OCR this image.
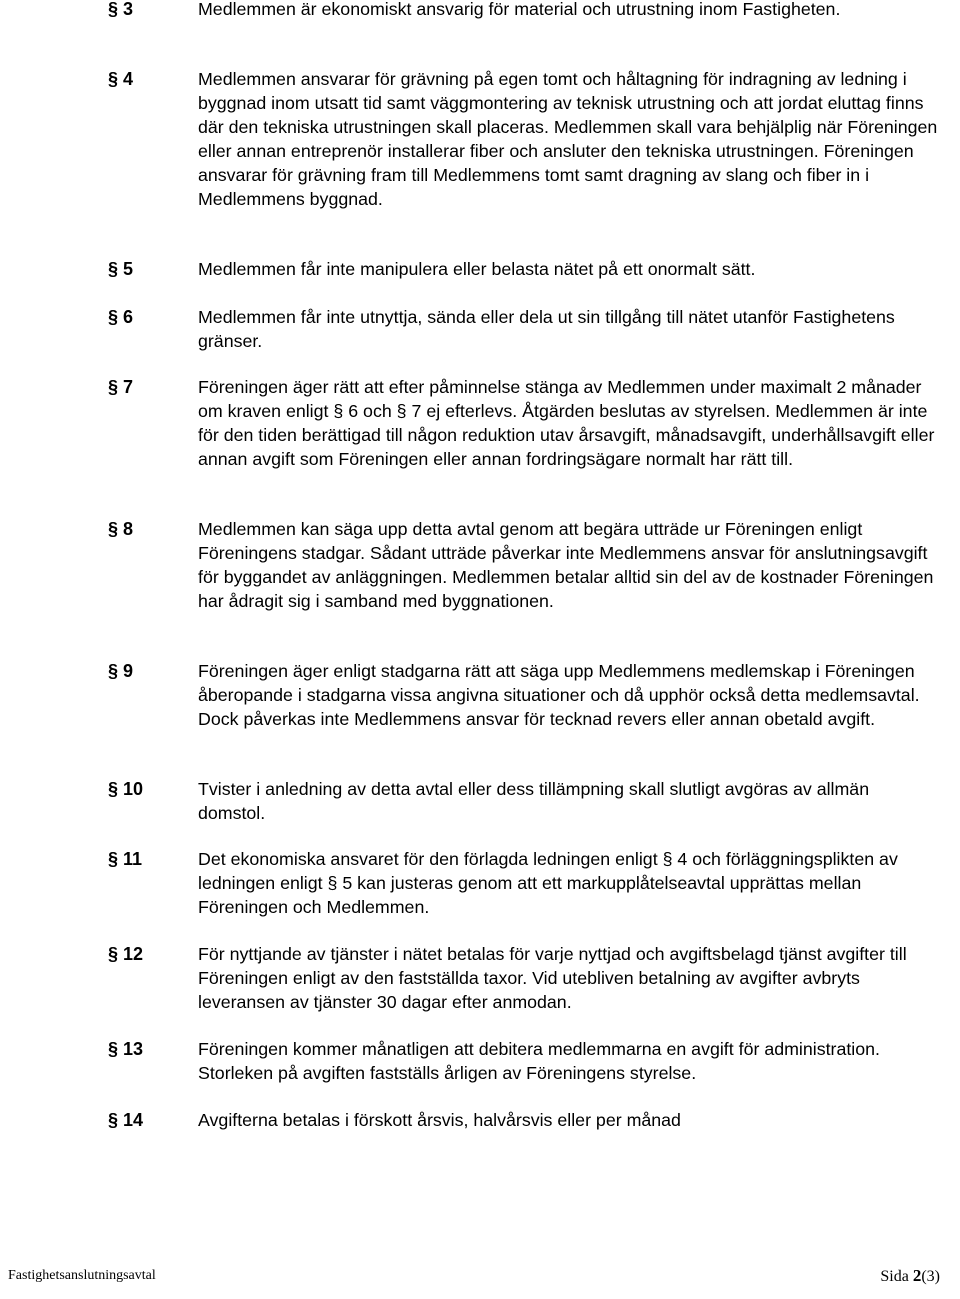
§ 3	Medlemmen är ekonomiskt ansvarig för material och utrustning inom Fastigheten.
§ 4	Medlemmen ansvarar för grävning på egen tomt och håltagning för indragning av ledning i byggnad inom utsatt tid samt väggmontering av teknisk utrustning och att jordat eluttag finns där den tekniska utrustningen skall placeras. Medlemmen skall vara behjälplig när Föreningen eller annan entreprenör installerar fiber och ansluter den tekniska utrustningen. Föreningen ansvarar för grävning fram till Medlemmens tomt samt dragning av slang och fiber in i Medlemmens byggnad.
§ 5	Medlemmen får inte manipulera eller belasta nätet på ett onormalt sätt.
§ 6	Medlemmen får inte utnyttja, sända eller dela ut sin tillgång till nätet utanför Fastighetens gränser.
§ 7	Föreningen äger rätt att efter påminnelse stänga av Medlemmen under maximalt 2 månader om kraven enligt § 6 och § 7 ej efterlevs. Åtgärden beslutas av styrelsen. Medlemmen är inte för den tiden berättigad till någon reduktion utav årsavgift, månadsavgift, underhållsavgift eller annan avgift som Föreningen eller annan fordringsägare normalt har rätt till.
§ 8	Medlemmen kan säga upp detta avtal genom att begära utträde ur Föreningen enligt Föreningens stadgar. Sådant utträde påverkar inte Medlemmens ansvar för anslutningsavgift för byggandet av anläggningen. Medlemmen betalar alltid sin del av de kostnader Föreningen har ådragit sig i samband med byggnationen.
§ 9	Föreningen äger enligt stadgarna rätt att säga upp Medlemmens medlemskap i Föreningen åberopande i stadgarna vissa angivna situationer och då upphör också detta medlemsavtal. Dock påverkas inte Medlemmens ansvar för tecknad revers eller annan obetald avgift.
§ 10	Tvister i anledning av detta avtal eller dess tillämpning skall slutligt avgöras av allmän domstol.
§ 11	Det ekonomiska ansvaret för den förlagda ledningen enligt § 4 och förläggningsplikten av ledningen enligt § 5 kan justeras genom att ett markupplåtelseavtal upprättas mellan Föreningen och Medlemmen.
§ 12	För nyttjande av tjänster i nätet betalas för varje nyttjad och avgiftsbelagd tjänst avgifter till Föreningen enligt av den fastställda taxor. Vid utebliven betalning av avgifter avbryts leveransen av tjänster 30 dagar efter anmodan.
§ 13	Föreningen kommer månatligen att debitera medlemmarna en avgift för administration. Storleken på avgiften fastställs årligen av Föreningens styrelse.
§ 14	Avgifterna betalas i förskott årsvis, halvårsvis eller per månad
Fastighetsanslutningsavtal	Sida 2(3)
